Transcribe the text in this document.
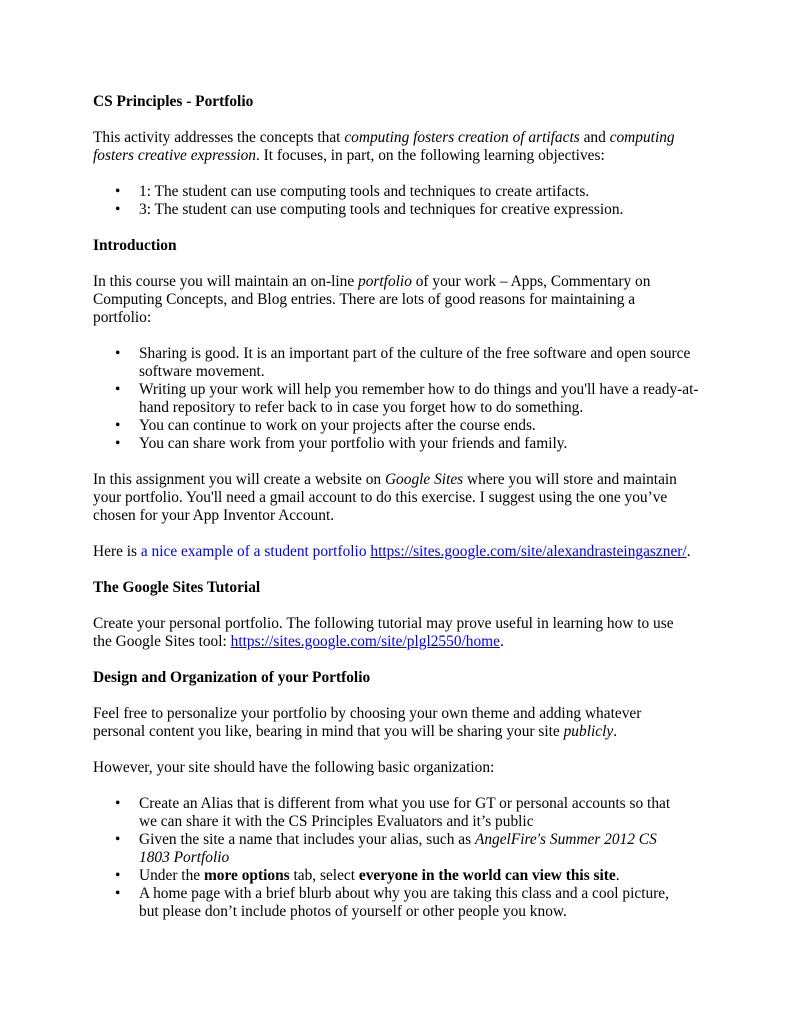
CS Principles - Portfolio

This activity addresses the concepts that computing fosters creation of artifacts and computing fosters creative expression. It focuses, in part, on the following learning objectives:

• 1: The student can use computing tools and techniques to create artifacts.
• 3: The student can use computing tools and techniques for creative expression.

Introduction

In this course you will maintain an on-line portfolio of your work – Apps, Commentary on Computing Concepts, and Blog entries. There are lots of good reasons for maintaining a portfolio:

• Sharing is good. It is an important part of the culture of the free software and open source software movement.
• Writing up your work will help you remember how to do things and you'll have a ready-at-hand repository to refer back to in case you forget how to do something.
• You can continue to work on your projects after the course ends.
• You can share work from your portfolio with your friends and family.

In this assignment you will create a website on Google Sites where you will store and maintain your portfolio. You'll need a gmail account to do this exercise. I suggest using the one you’ve chosen for your App Inventor Account.

Here is a nice example of a student portfolio https://sites.google.com/site/alexandrasteingaszner/.

The Google Sites Tutorial

Create your personal portfolio. The following tutorial may prove useful in learning how to use the Google Sites tool: https://sites.google.com/site/plgl2550/home.

Design and Organization of your Portfolio

Feel free to personalize your portfolio by choosing your own theme and adding whatever personal content you like, bearing in mind that you will be sharing your site publicly.

However, your site should have the following basic organization:

• Create an Alias that is different from what you use for GT or personal accounts so that we can share it with the CS Principles Evaluators and it’s public
• Given the site a name that includes your alias, such as AngelFire's Summer 2012 CS 1803 Portfolio
• Under the more options tab, select everyone in the world can view this site.
• A home page with a brief blurb about why you are taking this class and a cool picture, but please don’t include photos of yourself or other people you know.
